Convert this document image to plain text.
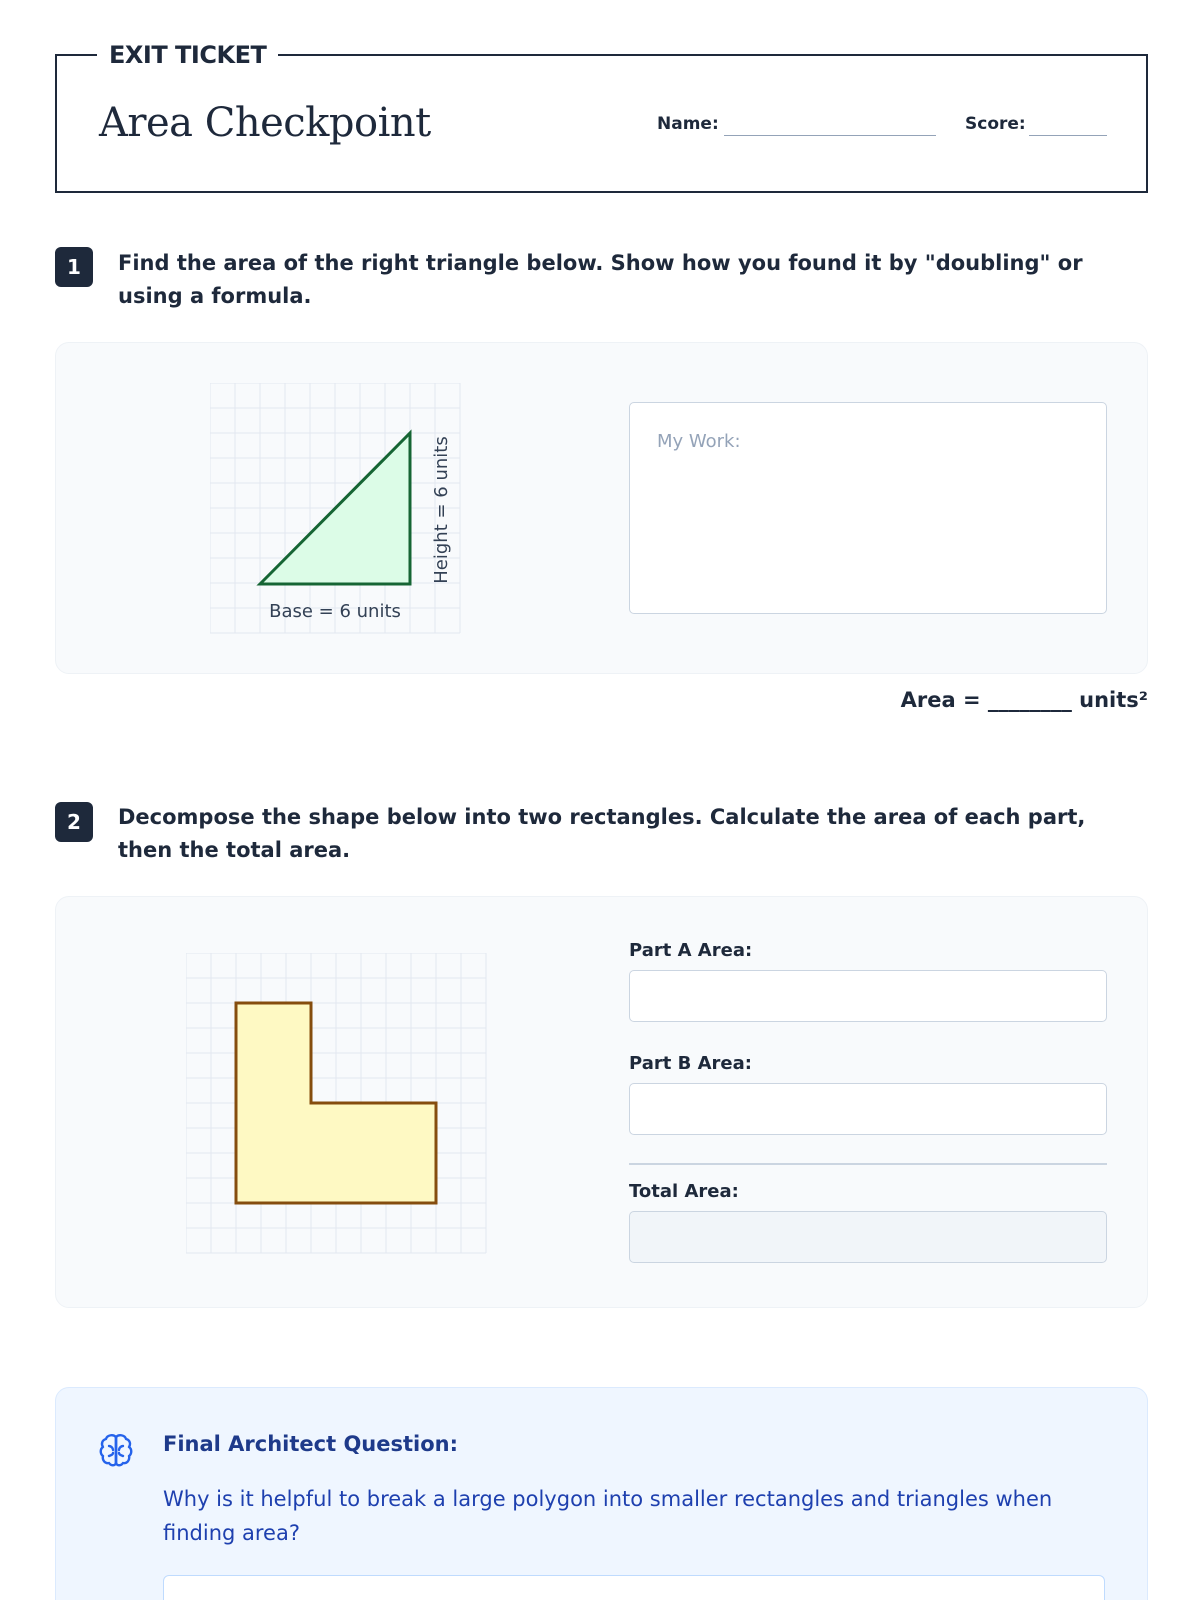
EXIT TICKET
Area Checkpoint	Name:	Score:
1	Find the area of the right triangle below. Show how you found it by "doubling" or using a formula.
Base = 6 units
Height = 6 units	My Work:
Area = ________ units²
2	Decompose the shape below into two rectangles. Calculate the area of each part, then the total area.
Part A Area:
Part B Area:
Total Area:
Final Architect Question:
Why is it helpful to break a large polygon into smaller rectangles and triangles when finding area?
